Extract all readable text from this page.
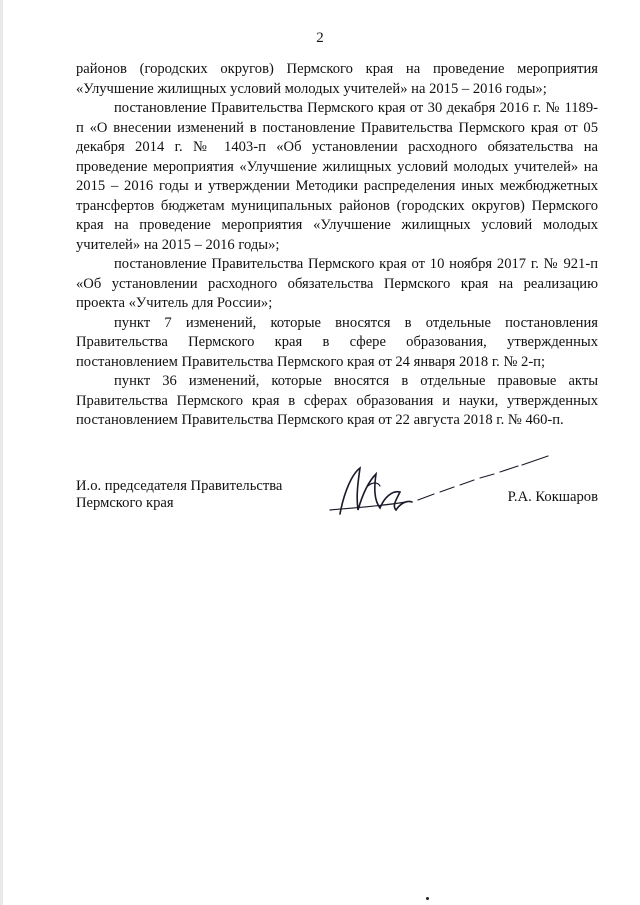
2

районов (городских округов) Пермского края на проведение мероприятия «Улучшение жилищных условий молодых учителей» на 2015 – 2016 годы»;

постановление Правительства Пермского края от 30 декабря 2016 г. № 1189-п «О внесении изменений в постановление Правительства Пермского края от 05 декабря 2014 г. № 1403-п «Об установлении расходного обязательства на проведение мероприятия «Улучшение жилищных условий молодых учителей» на 2015 – 2016 годы и утверждении Методики распределения иных межбюджетных трансфертов бюджетам муниципальных районов (городских округов) Пермского края на проведение мероприятия «Улучшение жилищных условий молодых учителей» на 2015 – 2016 годы»;

постановление Правительства Пермского края от 10 ноября 2017 г. № 921-п «Об установлении расходного обязательства Пермского края на реализацию проекта «Учитель для России»;

пункт 7 изменений, которые вносятся в отдельные постановления Правительства Пермского края в сфере образования, утвержденных постановлением Правительства Пермского края от 24 января 2018 г. № 2-п;

пункт 36 изменений, которые вносятся в отдельные правовые акты Правительства Пермского края в сферах образования и науки, утвержденных постановлением Правительства Пермского края от 22 августа 2018 г. № 460-п.

И.о. председателя Правительства
Пермского края	Р.А. Кокшаров
